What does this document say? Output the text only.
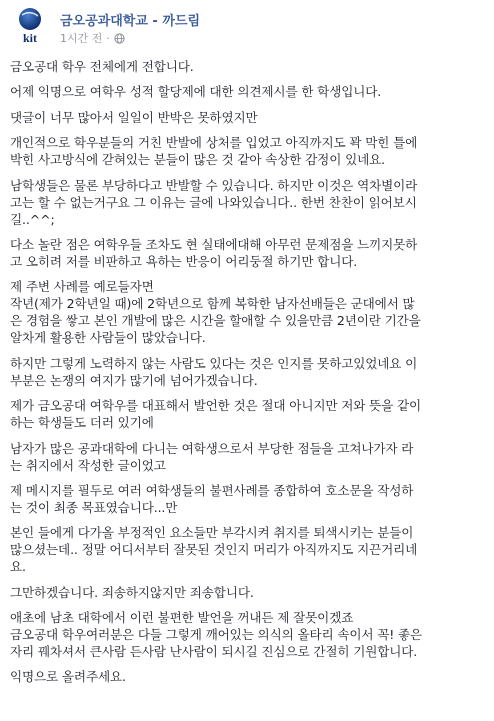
kit
금오공과대학교 - 까드림
1시간 전 ·

금오공대 학우 전체에게 전합니다.

어제 익명으로 여학우 성적 할당제에 대한 의견제시를 한 학생입니다.

댓글이 너무 많아서 일일이 반박은 못하였지만

개인적으로 학우분들의 거친 반발에 상처를 입었고 아직까지도 꽉 막힌 틀에
박힌 사고방식에 갇혀있는 분들이 많은 것 같아 속상한 감정이 있네요.

남학생들은 물론 부당하다고 반발할 수 있습니다. 하지만 이것은 역차별이라
고는 할 수 없는거구요 그 이유는 글에 나와있습니다.. 한번 찬찬이 읽어보시
길..^^;

다소 놀란 점은 여학우들 조차도 현 실태에대해 아무런 문제점을 느끼지못하
고 오히려 저를 비판하고 욕하는 반응이 어리둥절 하기만 합니다.

제 주변 사례를 예로들자면
작년(제가 2학년일 때)에 2학년으로 함께 복학한 남자선배들은 군대에서 많
은 경험을 쌓고 본인 개발에 많은 시간을 할애할 수 있을만큼 2년이란 기간을
알차게 활용한 사람들이 많았습니다.

하지만 그렇게 노력하지 않는 사람도 있다는 것은 인지를 못하고있었네요 이
부분은 논쟁의 여지가 많기에 넘어가겠습니다.

제가 금오공대 여학우를 대표해서 발언한 것은 절대 아니지만 저와 뜻을 같이
하는 학생들도 더러 있기에

남자가 많은 공과대학에 다니는 여학생으로서 부당한 점들을 고쳐나가자 라
는 취지에서 작성한 글이었고

제 메시지를 필두로 여러 여학생들의 불편사례를 종합하여 호소문을 작성하
는 것이 최종 목표였습니다...만

본인 들에게 다가올 부정적인 요소들만 부각시켜 취지를 퇴색시키는 분들이
많으셨는데.. 정말 어디서부터 잘못된 것인지 머리가 아직까지도 지끈거리네
요.

그만하겠습니다. 죄송하지않지만 죄송합니다.

애초에 남초 대학에서 이런 불편한 발언을 꺼내든 제 잘못이겠죠
금오공대 학우여러분은 다들 그렇게 깨어있는 의식의 올타리 속이서 꼭! 좋은
자리 꿰차셔서 큰사람 든사람 난사람이 되시길 진심으로 간절히 기원합니다.

익명으로 올려주세요.
